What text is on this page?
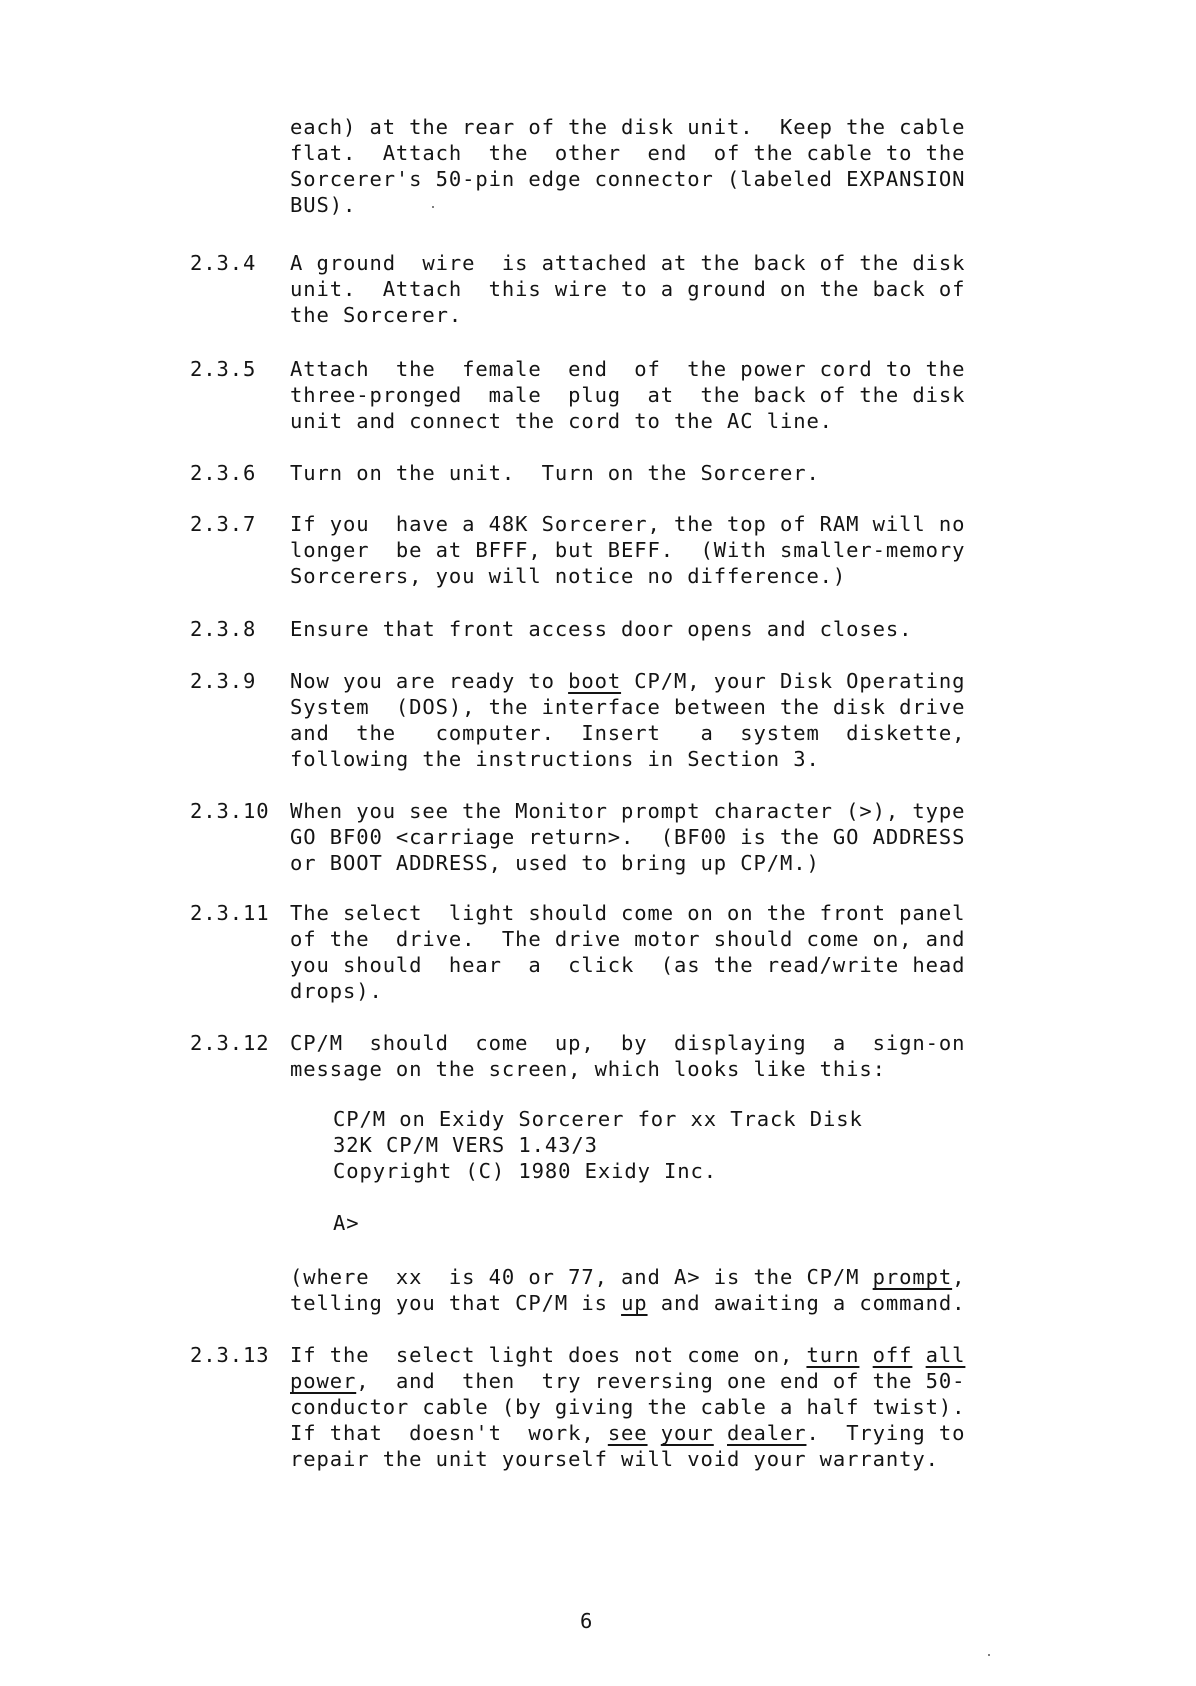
each) at the rear of the disk unit.  Keep the cable
flat.  Attach  the  other  end  of the cable to the
Sorcerer's 50-pin edge connector (labeled EXPANSION
BUS).
2.3.4 A ground  wire  is attached at the back of the disk
unit.  Attach  this wire to a ground on the back of
the Sorcerer.
2.3.5 Attach  the  female  end  of  the power cord to the
three-pronged  male  plug  at  the back of the disk
unit and connect the cord to the AC line.
2.3.6 Turn on the unit.  Turn on the Sorcerer.
2.3.7 If you  have a 48K Sorcerer, the top of RAM will no
longer  be at BFFF, but BEFF.  (With smaller-memory
Sorcerers, you will notice no difference.)
2.3.8 Ensure that front access door opens and closes.
2.3.9 Now you are ready to boot CP/M, your Disk Operating
System  (DOS), the interface between the disk drive
and  the   computer.  Insert   a  system  diskette,
following the instructions in Section 3.
2.3.10 When you see the Monitor prompt character (>), type
GO BF00 <carriage return>.  (BF00 is the GO ADDRESS
or BOOT ADDRESS, used to bring up CP/M.)
2.3.11 The select  light should come on on the front panel
of the  drive.  The drive motor should come on, and
you should  hear  a  click  (as the read/write head
drops).
2.3.12 CP/M  should  come  up,  by  displaying  a  sign-on
message on the screen, which looks like this:
CP/M on Exidy Sorcerer for xx Track Disk
32K CP/M VERS 1.43/3
Copyright (C) 1980 Exidy Inc.
A>
(where  xx  is 40 or 77, and A> is the CP/M prompt,
telling you that CP/M is up and awaiting a command.
2.3.13 If the  select light does not come on, turn off all
power,  and  then  try reversing one end of the 50-
conductor cable (by giving the cable a half twist).
If that  doesn't  work, see your dealer.  Trying to
repair the unit yourself will void your warranty.
6
